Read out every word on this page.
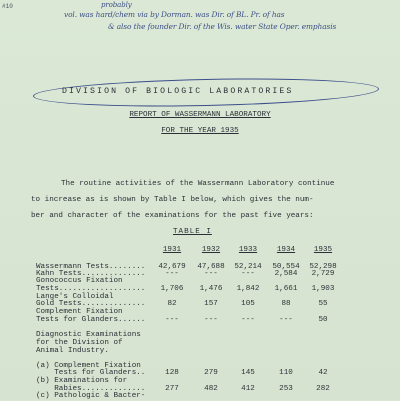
#10	probably
vol. was hard/chem via by Dorman. was Dir. of BL. Pr. of has
& also the founder Dir. of the Wis. water State Oper. emphasis
DIVISION OF BIOLOGIC LABORATORIES
REPORT OF WASSERMANN LABORATORY
FOR THE YEAR 1935
The routine activities of the Wassermann Laboratory continue
to increase as is shown by Table I below, which gives the num-
ber and character of the examinations for the past five years:
TABLE I
1931	1932	1933	1934	1935
Wassermann Tests........	42,679	47,688	52,214	50,554	52,298
Kahn Tests..............	---	---	---	2,584	2,729
Gonococcus Fixation
Tests...................	1,706	1,476	1,842	1,661	1,903
Lange's Colloidal
Gold Tests..............	82	157	105	88	55
Complement Fixation
Tests for Glanders......	---	---	---	---	50
Diagnostic Examinations
for the Division of
Animal Industry.
(a) Complement Fixation
Tests for Glanders..	128	279	145	110	42
(b) Examinations for
Rabies..............	277	482	412	253	282
(c) Pathologic & Bacter-
